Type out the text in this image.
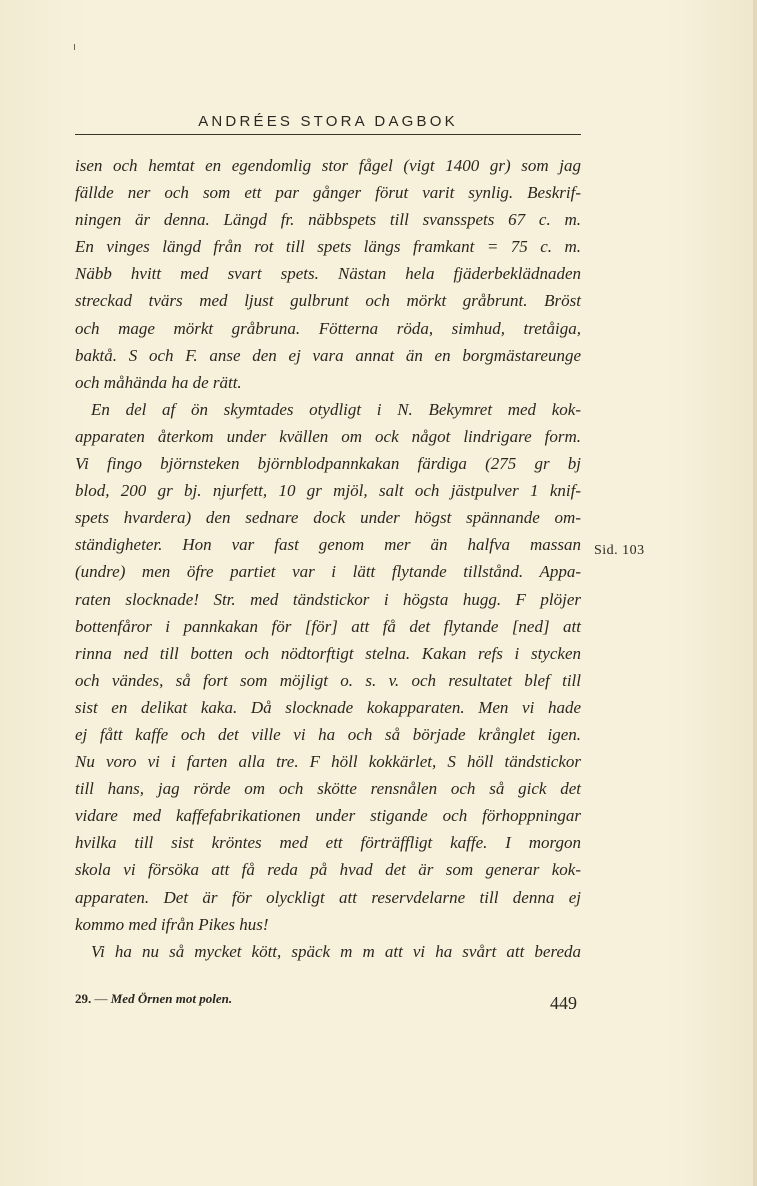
ANDRÉES STORA DAGBOK
isen och hemtat en egendomlig stor fågel (vigt 1400 gr) som jag
fällde ner och som ett par gånger förut varit synlig. Beskrif-
ningen är denna. Längd fr. näbbspets till svansspets 67 c. m.
En vinges längd från rot till spets längs framkant = 75 c. m.
Näbb hvitt med svart spets. Nästan hela fjäderbeklädnaden
streckad tvärs med ljust gulbrunt och mörkt gråbrunt. Bröst
och mage mörkt gråbruna. Fötterna röda, simhud, tretåiga,
baktå. S och F. anse den ej vara annat än en borgmästareunge
och måhända ha de rätt.
En del af ön skymtades otydligt i N. Bekymret med kok-
apparaten återkom under kvällen om ock något lindrigare form.
Vi fingo björnsteken björnblodpannkakan färdiga (275 gr bj
blod, 200 gr bj. njurfett, 10 gr mjöl, salt och jästpulver 1 knif-
spets hvardera) den sednare dock under högst spännande om-
ständigheter. Hon var fast genom mer än halfva massan
(undre) men öfre partiet var i lätt flytande tillstånd. Appa-
raten slocknade! Str. med tändstickor i högsta hugg. F plöjer
bottenfåror i pannkakan för [för] att få det flytande [ned] att
rinna ned till botten och nödtorftigt stelna. Kakan refs i stycken
och vändes, så fort som möjligt o. s. v. och resultatet blef till
sist en delikat kaka. Då slocknade kokapparaten. Men vi hade
ej fått kaffe och det ville vi ha och så började krånglet igen.
Nu voro vi i farten alla tre. F höll kokkärlet, S höll tändstickor
till hans, jag rörde om och skötte rensnålen och så gick det
vidare med kaffefabrikationen under stigande och förhoppningar
hvilka till sist kröntes med ett förträffligt kaffe. I morgon
skola vi försöka att få reda på hvad det är som generar kok-
apparaten. Det är för olyckligt att reservdelarne till denna ej
kommo med ifrån Pikes hus!
Vi ha nu så mycket kött, späck m m att vi ha svårt att bereda
Sid. 103
29. — Med Örnen mot polen.	449
